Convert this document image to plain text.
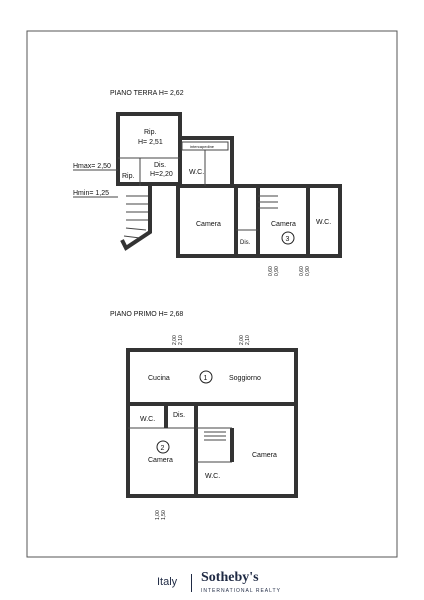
PIANO TERRA H= 2,62
Rip.
H= 2,51
Rip.
Dis.
H=2,20 W.C.
intercapedine
Camera
Dis.
Camera	W.C.
3
Hmax= 2,50
Hmin= 1,25
0,60 0,90	0,60 0,90
PIANO PRIMO H= 2,68
Cucina	Soggiorno
1
W.C.
Dis.
2
Camera
W.C.
Camera
2,00 2,10	2,00 2,10
1,00 1,50
Italy Sotheby's
INTERNATIONAL REALTY
